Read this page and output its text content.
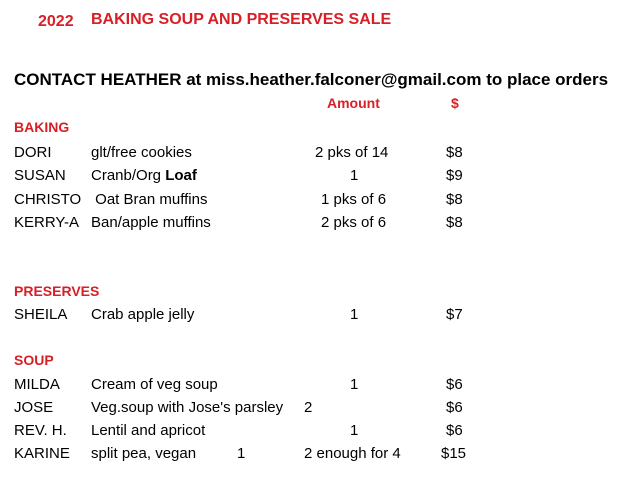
2022 BAKING SOUP AND PRESERVES SALE
CONTACT HEATHER at miss.heather.falconer@gmail.com to place orders
Amount	$
BAKING
DORI	glt/free cookies	2 pks of 14	$8
SUSAN Cranb/Org Loaf	1	$9
CHRISTO Oat Bran muffins	1 pks of 6	$8
KERRY-A Ban/apple muffins	2 pks of 6	$8
PRESERVES
SHEILA Crab apple jelly	1	$7
SOUP
MILDA Cream of veg soup	1	$6
JOSE	Veg.soup with Jose's parsley 2	$6
REV. H. Lentil and apricot	1	$6
KARINE split pea, vegan	1	2 enough for 4	$15
